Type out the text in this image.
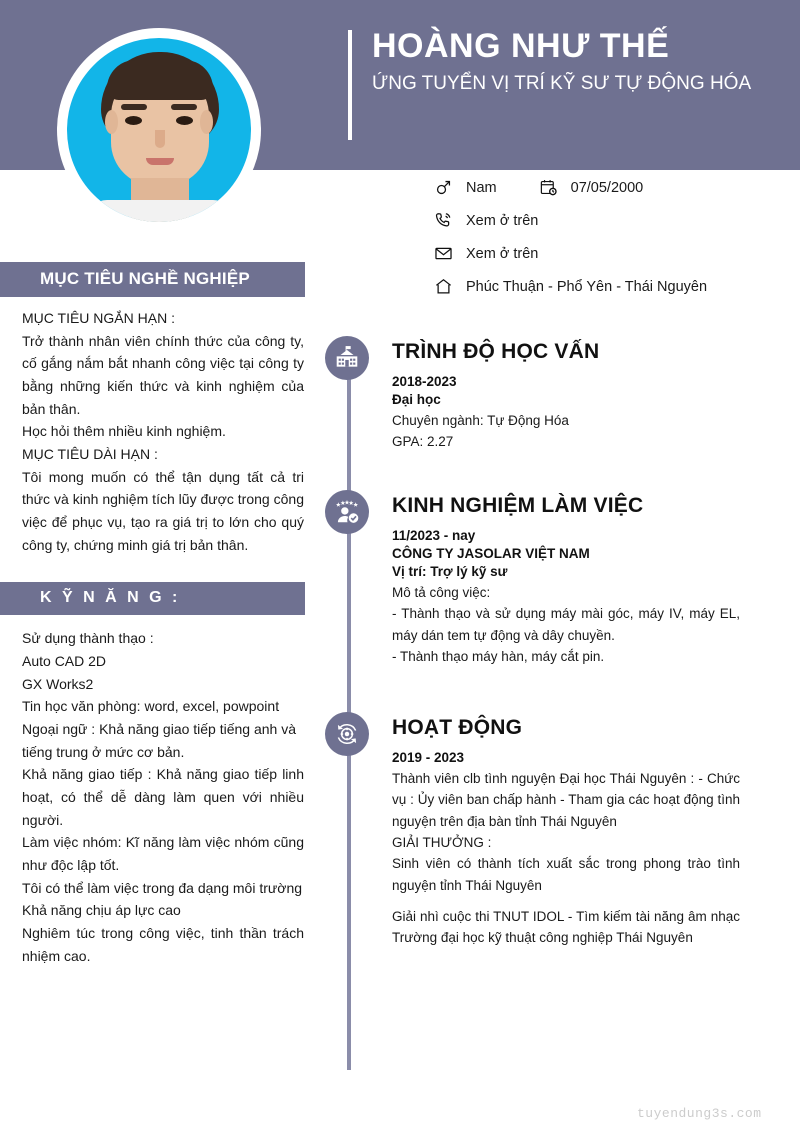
HOÀNG NHƯ THẾ

ỨNG TUYỂN VỊ TRÍ KỸ SƯ TỰ ĐỘNG HÓA

Nam	07/05/2000
Xem ở trên
Xem ở trên
Phúc Thuận - Phổ Yên - Thái Nguyên
MỤC TIÊU NGHỀ NGHIỆP

MỤC TIÊU NGẮN HẠN :

Trở thành nhân viên chính thức của công ty, cố gắng nắm bắt nhanh công việc tại công ty bằng những kiến thức và kinh nghiệm của bản thân.

Học hỏi thêm nhiều kinh nghiệm.

MỤC TIÊU DÀI HẠN :

Tôi mong muốn có thể tận dụng tất cả tri thức và kinh nghiệm tích lũy được trong công việc để phục vụ, tạo ra giá trị to lớn cho quý công ty, chứng minh giá trị bản thân.

K Ỹ N Ă N G :

Sử dụng thành thạo :

Auto CAD 2D

GX Works2

Tin học văn phòng: word, excel, powpoint

Ngoại ngữ : Khả năng giao tiếp tiếng anh và tiếng trung ở mức cơ bản.

Khả năng giao tiếp : Khả năng giao tiếp linh hoạt, có thể dễ dàng làm quen với nhiều người.

Làm việc nhóm: Kĩ năng làm việc nhóm cũng như độc lập tốt.

Tôi có thể làm việc trong đa dạng môi trường

Khả năng chịu áp lực cao

Nghiêm túc trong công việc, tinh thần trách nhiệm cao.

TRÌNH ĐỘ HỌC VẤN

2018-2023

Đại học

Chuyên ngành: Tự Động Hóa

GPA: 2.27

KINH NGHIỆM LÀM VIỆC

11/2023 - nay

CÔNG TY JASOLAR VIỆT NAM

Vị trí: Trợ lý kỹ sư

Mô tả công việc:

- Thành thạo và sử dụng máy mài góc, máy IV, máy EL, máy dán tem tự động và dây chuyền.

- Thành thạo máy hàn, máy cắt pin.

HOẠT ĐỘNG

2019 - 2023

Thành viên clb tình nguyện Đại học Thái Nguyên : - Chức vụ : Ủy viên ban chấp hành - Tham gia các hoạt động tình nguyện trên địa bàn tỉnh Thái Nguyên

GIẢI THƯỞNG :

Sinh viên có thành tích xuất sắc trong phong trào tình nguyện tỉnh Thái Nguyên

Giải nhì cuộc thi TNUT IDOL - Tìm kiếm tài năng âm nhạc Trường đại học kỹ thuật công nghiệp Thái Nguyên

tuyendung3s.com
